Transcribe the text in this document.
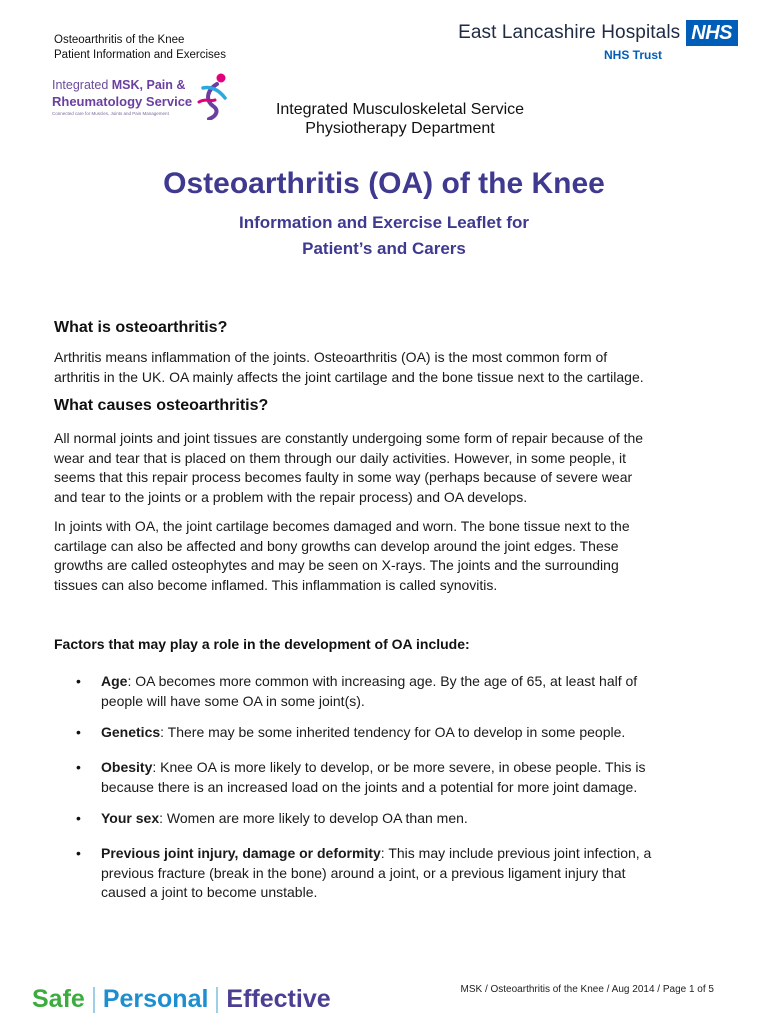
Osteoarthritis of the Knee
Patient Information and Exercises
East Lancashire Hospitals NHS
NHS Trust
Integrated MSK, Pain &
Rheumatology Service
Connected care for Muscles, Joints and Pain Management	Integrated Musculoskeletal Service
Physiotherapy Department
Osteoarthritis (OA) of the Knee
Information and Exercise Leaflet for
Patient’s and Carers
What is osteoarthritis?
Arthritis means inflammation of the joints. Osteoarthritis (OA) is the most common form of
arthritis in the UK. OA mainly affects the joint cartilage and the bone tissue next to the cartilage.
What causes osteoarthritis?
All normal joints and joint tissues are constantly undergoing some form of repair because of the
wear and tear that is placed on them through our daily activities. However, in some people, it
seems that this repair process becomes faulty in some way (perhaps because of severe wear
and tear to the joints or a problem with the repair process) and OA develops.
In joints with OA, the joint cartilage becomes damaged and worn. The bone tissue next to the
cartilage can also be affected and bony growths can develop around the joint edges. These
growths are called osteophytes and may be seen on X-rays. The joints and the surrounding
tissues can also become inflamed. This inflammation is called synovitis.
Factors that may play a role in the development of OA include:
• Age: OA becomes more common with increasing age. By the age of 65, at least half of
people will have some OA in some joint(s).
• Genetics: There may be some inherited tendency for OA to develop in some people.
• Obesity: Knee OA is more likely to develop, or be more severe, in obese people. This is
because there is an increased load on the joints and a potential for more joint damage.
• Your sex: Women are more likely to develop OA than men.
• Previous joint injury, damage or deformity: This may include previous joint infection, a
previous fracture (break in the bone) around a joint, or a previous ligament injury that
caused a joint to become unstable.
MSK / Osteoarthritis of the Knee / Aug 2014 / Page 1 of 5
Safe Personal Effective
